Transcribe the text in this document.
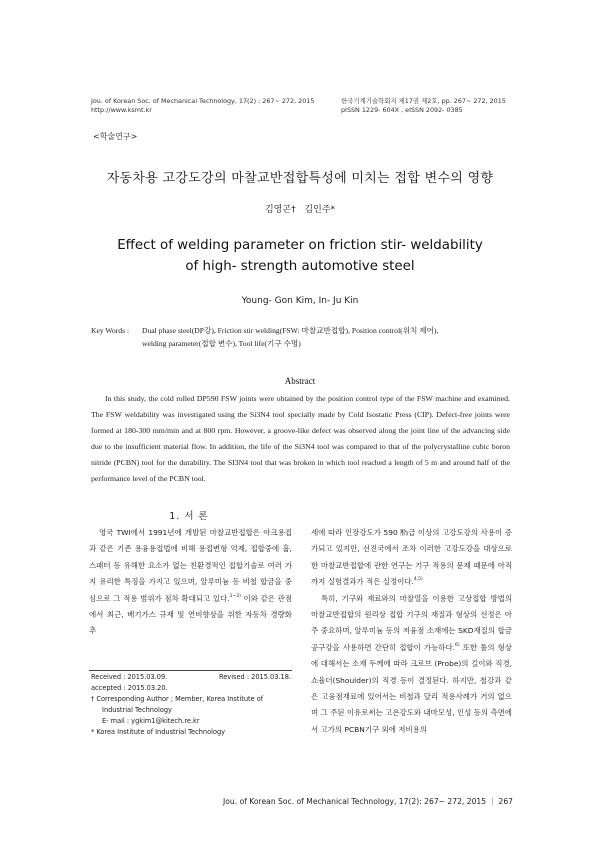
Jou. of Korean Soc. of Mechanical Technology, 17(2) : 267~ 272, 2015
http://www.ksmt.kr
한국기계기술학회지 제17권 제2호, pp. 267~ 272, 2015
pISSN 1229- 604X , eISSN 2092- 0385
<학술연구>
자동차용 고강도강의 마찰교반접합특성에 미치는 접합 변수의 영향
김영곤† 김인주*
Effect of welding parameter on friction stir- weldability
of high- strength automotive steel
Young- Gon Kim, In- Ju Kin
Key Words : Dual phase steel(DP강), Friction stir welding(FSW: 마찰교반접합), Position control(위치 제어),
welding parameter(접합 변수), Tool life(기구 수명)
Abstract
In this study, the cold rolled DP590 FSW joints were obtained by the position control type of the FSW machine and examined. The FSW weldability was investigated using the Si3N4 tool specially made by Cold Isostatic Press (CIP). Defect-free joints were formed at 180-300 mm/min and at 800 rpm. However, a groove-like defect was observed along the joint line of the advancing side due to the insufficient material flow. In addition, the life of the Si3N4 tool was compared to that of the polycrystalline cubic boron nitride (PCBN) tool for the durability. The SI3N4 tool that was broken in which tool reached a length of 5 m and around half of the performance level of the PCBN tool.
1. 서 론

영국 TWI에서 1991년에 개발된 마찰교반접합은 아크용접과 같은 기존 용융용접법에 비해 용접변형 억제, 접합중에 흄, 스패터 등 유해한 요소가 없는 친환경적인 접합기술로 여러 가지 유리한 특징을 가지고 있으며, 알루미늄 등 비철 합금을 중심으로 그 적용 범위가 점차 확대되고 있다.$^{1\sim 3)}$ 이와 같은 관점에서 최근, 배기가스 규제 및 연비향상을 위한 자동차 경량화 추

Received : 2015.03.09.	Revised : 2015.03.18.
accepted : 2015.03.20.
† Corresponding Author ; Member, Korea Institute of
Industrial Technology
E- mail : ygkim1@kitech.re.kr
* Korea Institute of Industrial Technology

세에 따라 인장강도가 590 ㎫급 이상의 고강도강의 사용이 증가되고 있지만, 선진국에서 조차 이러한 고강도강을 대상으로 한 마찰교반접합에 관한 연구는 기구 적용의 문제 때문에 아직까지 실험결과가 적은 실정이다.$^{4,5)}$

특히, 기구와 재료와의 마찰열을 이용한 고상접합 방법의 마찰교반접합의 원리상 접합 기구의 재질과 형상의 선정은 아주 중요하며, 알루미늄 등의 저융점 소재에는 SKD재질의 합금공구강을 사용하면 간단히 접합이 가능하다.$^{6)}$ 또한 툴의 형상에 대해서는 소재 두께에 따라 크로브 (Probe)의 길이와 직경, 쇼율더(Shoulder)의 직경 등이 결정된다. 하지만, 철강과 같은 고융점재료에 있어서는 비철과 달리 적용사례가 거의 없으며 그 주된 이유로써는 고온강도와 내마모성, 인성 등의 측면에서 고가의 PCBN기구 외에 저비용의

Jou. of Korean Soc. of Mechanical Technology, 17(2): 267~ 272, 2015 ｜ 267
